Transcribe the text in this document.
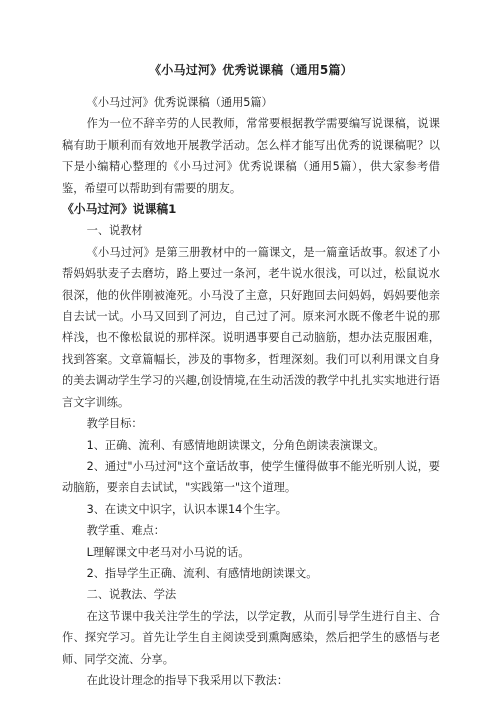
《小马过河》优秀说课稿（通用5篇）

《小马过河》优秀说课稿（通用5篇）

作为一位不辞辛劳的人民教师，常常要根据教学需要编写说课稿，说课稿有助于顺利而有效地开展教学活动。怎么样才能写出优秀的说课稿呢？以下是小编精心整理的《小马过河》优秀说课稿（通用5篇），供大家参考借鉴，希望可以帮助到有需要的朋友。

《小马过河》说课稿1

一、说教材

《小马过河》是第三册教材中的一篇课文，是一篇童话故事。叙述了小帮妈妈驮麦子去磨坊，路上要过一条河，老牛说水很浅，可以过，松鼠说水很深，他的伙伴刚被淹死。小马没了主意，只好跑回去问妈妈，妈妈要他亲自去试一试。小马又回到了河边，自己过了河。原来河水既不像老牛说的那样浅，也不像松鼠说的那样深。说明遇事要自己动脑筋，想办法克服困难，找到答案。文章篇幅长，涉及的事物多，哲理深刻。我们可以利用课文自身的美去调动学生学习的兴趣,创设情境,在生动活泼的教学中扎扎实实地进行语言文字训练。

教学目标：

1、正确、流利、有感情地朗读课文，分角色朗读表演课文。

2、通过"小马过河"这个童话故事，使学生懂得做事不能光听别人说，要动脑筋，要亲自去试试，"实践第一"这个道理。

3、在读文中识字，认识本课14个生字。

教学重、难点：

L理解课文中老马对小马说的话。

2、指导学生正确、流利、有感情地朗读课文。

二、说教法、学法

在这节课中我关注学生的学法，以学定教，从而引导学生进行自主、合作、探究学习。首先让学生自主阅读受到熏陶感染，然后把学生的感悟与老师、同学交流、分享。

在此设计理念的指导下我采用以下教法：
